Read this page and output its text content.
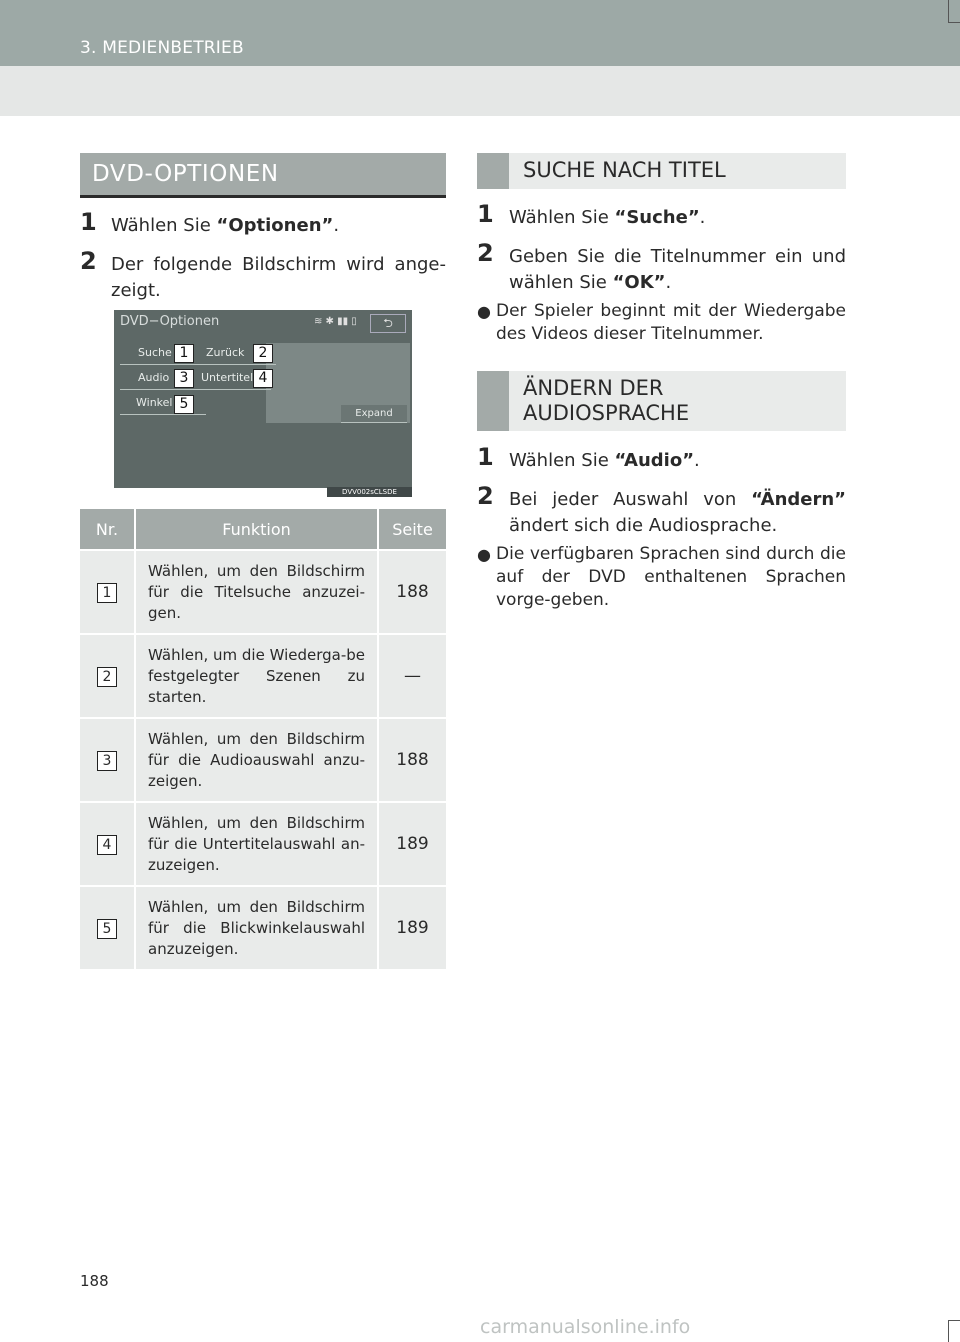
3. MEDIENBETRIEB
DVD-OPTIONEN
1 Wählen Sie “Optionen”.
2 Der folgende Bildschirm wird ange-zeigt.
DVD−Optionen	≋ ✱ ▮▮ ▯	⮌
Suche	Zurück
Audio	Untertitel
Winkel
Expand
1	2
3	4
5
DVV002sCLSDE
Nr.	Funktion	Seite
1	Wählen, um den Bildschirm für die Titelsuche anzuzei-gen.	188
2	Wählen, um die Wiederga-be festgelegter Szenen zu starten.	—
3	Wählen, um den Bildschirm für die Audioauswahl anzu-zeigen.	188
4	Wählen, um den Bildschirm für die Untertitelauswahl an-zuzeigen.	189
5	Wählen, um den Bildschirm für die Blickwinkelauswahl anzuzeigen.	189
SUCHE NACH TITEL
1 Wählen Sie “Suche”.
2 Geben Sie die Titelnummer ein und wählen Sie “OK”.
● Der Spieler beginnt mit der Wiedergabe des Videos dieser Titelnummer.
ÄNDERN DER
AUDIOSPRACHE
1 Wählen Sie “Audio”.
2 Bei jeder Auswahl von “Ändern” ändert sich die Audiosprache.
● Die verfügbaren Sprachen sind durch die auf der DVD enthaltenen Sprachen vorge-geben.
188
carmanualsonline.info
